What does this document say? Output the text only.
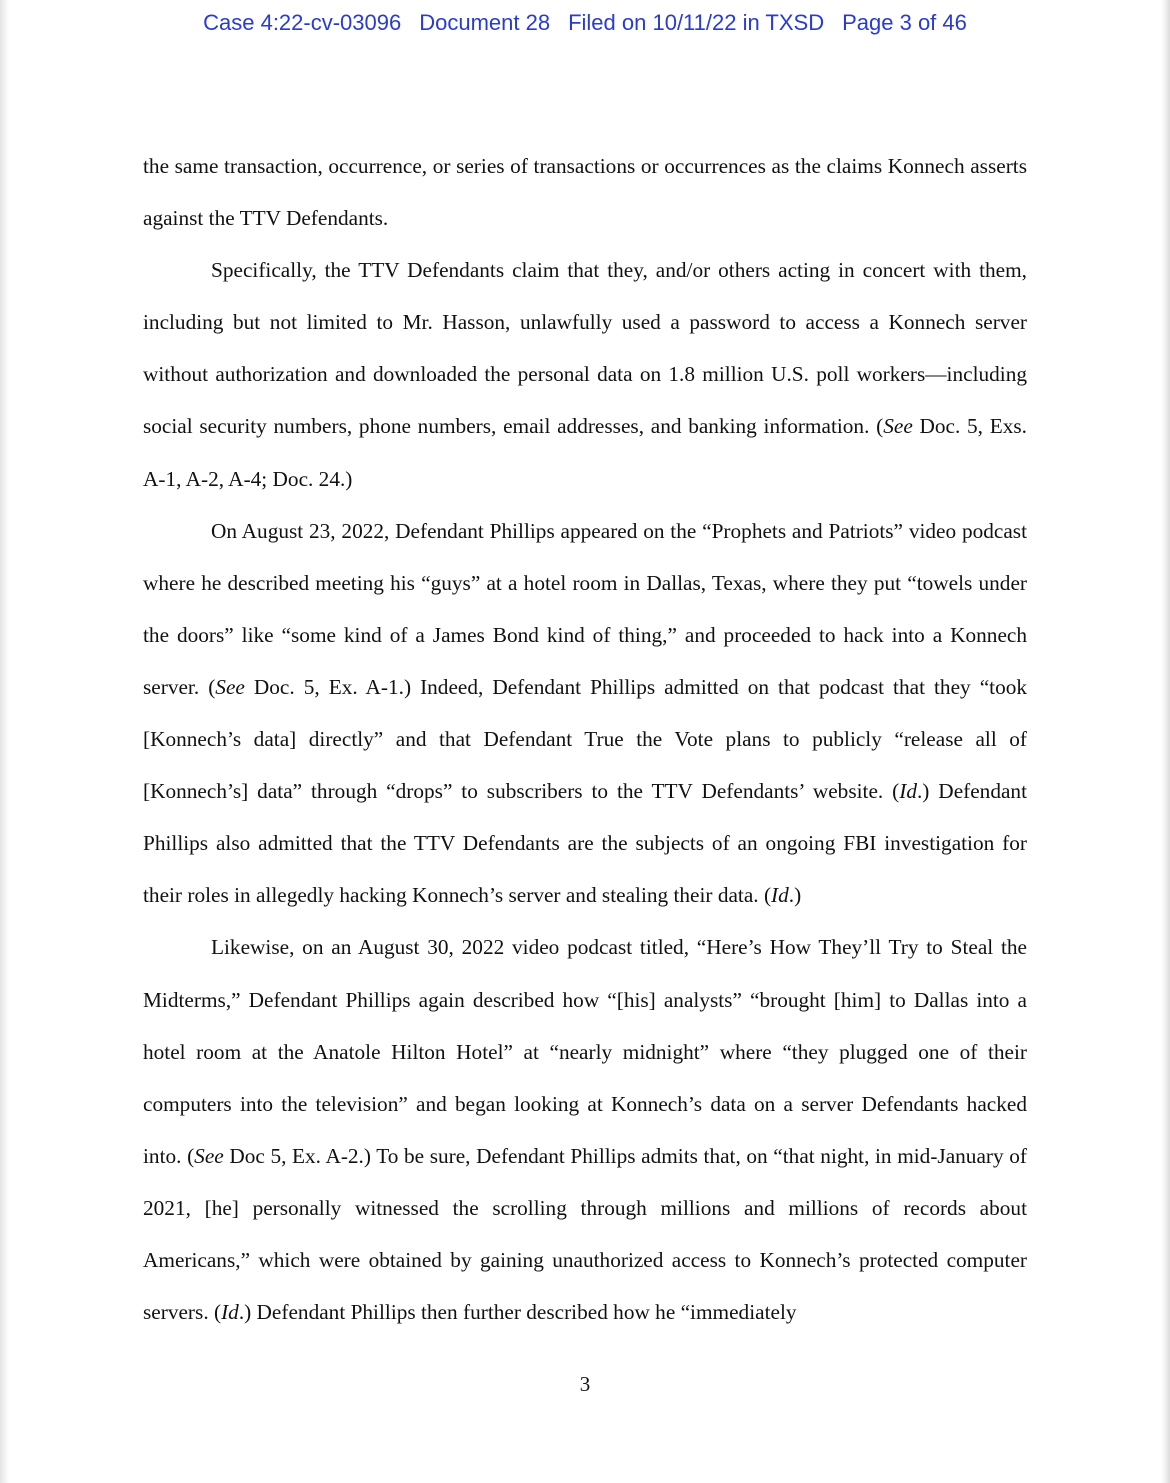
Case 4:22-cv-03096 Document 28 Filed on 10/11/22 in TXSD Page 3 of 46

the same transaction, occurrence, or series of transactions or occurrences as the claims Konnech asserts against the TTV Defendants.

Specifically, the TTV Defendants claim that they, and/or others acting in concert with them, including but not limited to Mr. Hasson, unlawfully used a password to access a Konnech server without authorization and downloaded the personal data on 1.8 million U.S. poll workers—including social security numbers, phone numbers, email addresses, and banking information. (See Doc. 5, Exs. A-1, A-2, A-4; Doc. 24.)

On August 23, 2022, Defendant Phillips appeared on the “Prophets and Patriots” video podcast where he described meeting his “guys” at a hotel room in Dallas, Texas, where they put “towels under the doors” like “some kind of a James Bond kind of thing,” and proceeded to hack into a Konnech server. (See Doc. 5, Ex. A-1.) Indeed, Defendant Phillips admitted on that podcast that they “took [Konnech’s data] directly” and that Defendant True the Vote plans to publicly “release all of [Konnech’s] data” through “drops” to subscribers to the TTV Defendants’ website. (Id.) Defendant Phillips also admitted that the TTV Defendants are the subjects of an ongoing FBI investigation for their roles in allegedly hacking Konnech’s server and stealing their data. (Id.)

Likewise, on an August 30, 2022 video podcast titled, “Here’s How They’ll Try to Steal the Midterms,” Defendant Phillips again described how “[his] analysts” “brought [him] to Dallas into a hotel room at the Anatole Hilton Hotel” at “nearly midnight” where “they plugged one of their computers into the television” and began looking at Konnech’s data on a server Defendants hacked into. (See Doc 5, Ex. A-2.) To be sure, Defendant Phillips admits that, on “that night, in mid-January of 2021, [he] personally witnessed the scrolling through millions and millions of records about Americans,” which were obtained by gaining unauthorized access to Konnech’s protected computer servers. (Id.) Defendant Phillips then further described how he “immediately

3
